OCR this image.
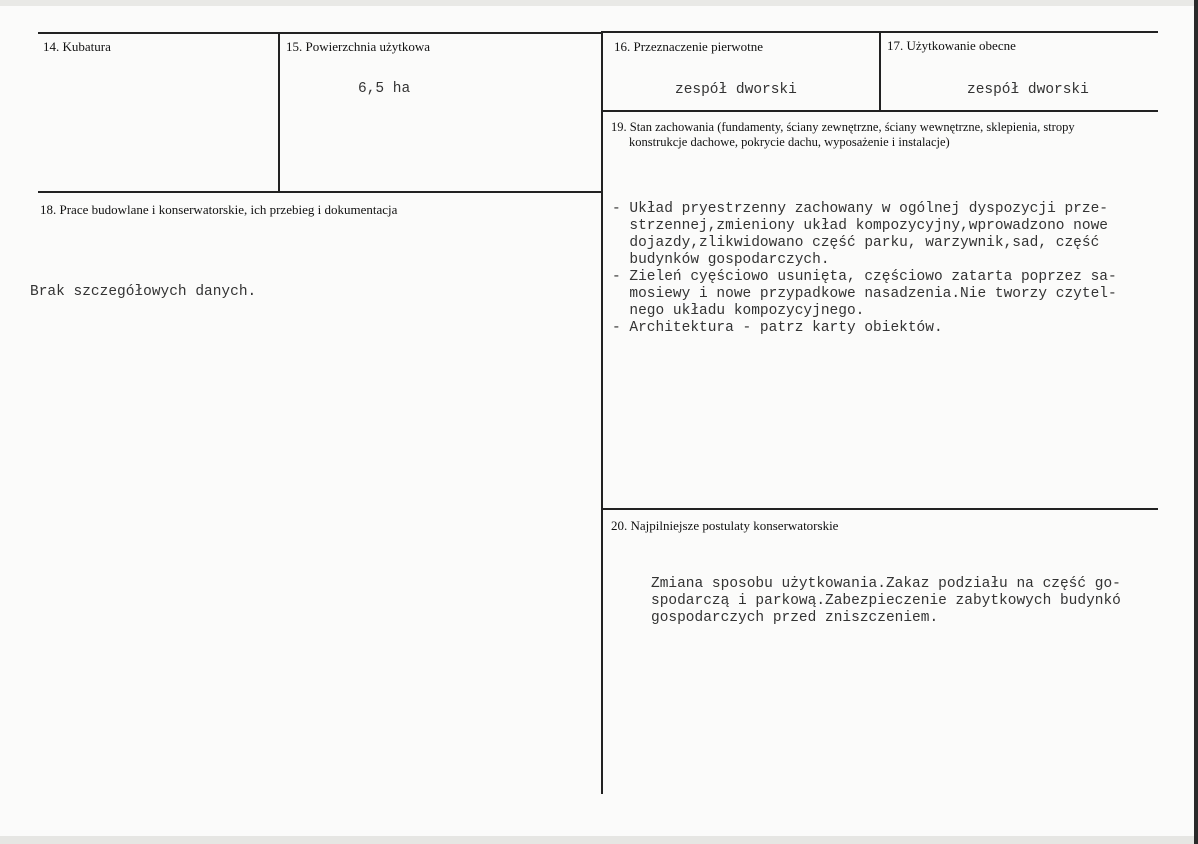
14. Kubatura	15. Powierzchnia użytkowa
6,5 ha
16. Przeznaczenie pierwotne
zespół dworski
17. Użytkowanie obecne
zespół dworski
18. Prace budowlane i konserwatorskie, ich przebieg i dokumentacja
Brak szczegółowych danych.
19. Stan zachowania (fundamenty, ściany zewnętrzne, ściany wewnętrzne, sklepienia, stropy
konstrukcje dachowe, pokrycie dachu, wyposażenie i instalacje)
- Układ pryestrzenny zachowany w ogólnej dyspozycji prze-
strzennej,zmieniony układ kompozycyjny,wprowadzono nowe
dojazdy,zlikwidowano część parku, warzywnik,sad, część
budynków gospodarczych.
- Zieleń cyęściowo usunięta, częściowo zatarta poprzez sa-
mosiewy i nowe przypadkowe nasadzenia.Nie tworzy czytel-
nego układu kompozycyjnego.
- Architektura - patrz karty obiektów.
20. Najpilniejsze postulaty konserwatorskie
Zmiana sposobu użytkowania.Zakaz podziału na część go-
spodarczą i parkową.Zabezpieczenie zabytkowych budynkó
gospodarczych przed zniszczeniem.
